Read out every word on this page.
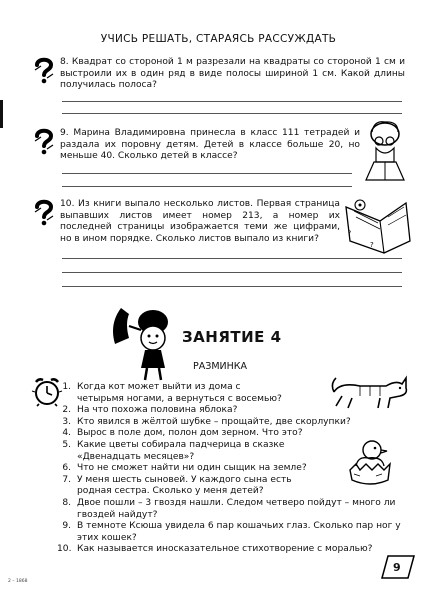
УЧИСЬ РЕШАТЬ, СТАРАЯСЬ РАССУЖДАТЬ
8. Квадрат со стороной 1 м разрезали на квадраты со стороной 1 см и выстроили их в один ряд в виде полосы шириной 1 см. Какой длины получилась полоса?
9. Марина Владимировна принесла в класс 111 тетрадей и раздала их поровну детям. Детей в классе больше 20, но меньше 40. Сколько детей в классе?
10. Из книги выпало несколько листов. Первая страница выпавших листов имеет номер 213, а номер их последней страницы изображается теми же цифрами, но в ином порядке. Сколько листов выпало из книги?
?
?
ЗАНЯТИЕ 4
РАЗМИНКА
1. Когда кот может выйти из дома с четырьмя ногами, а вернуться с восемью?
2. На что похожа половина яблока?
3. Кто явился в жёлтой шубке – прощайте, две скорлупки?
4. Вырос в поле дом, полон дом зерном. Что это?
5. Какие цветы собирала падчерица в сказке «Двенадцать месяцев»?
6. Что не сможет найти ни один сыщик на земле?
7. У меня шесть сыновей. У каждого сына есть родная сестра. Сколько у меня детей?
8. Двое пошли – 3 гвоздя нашли. Следом четверо пойдут – много ли гвоздей найдут?
9. В темноте Ксюша увидела 6 пар кошачьих глаз. Сколько пар ног у этих кошек?
10. Как называется иносказательное стихотворение с моралью?
9
2 – 1868
